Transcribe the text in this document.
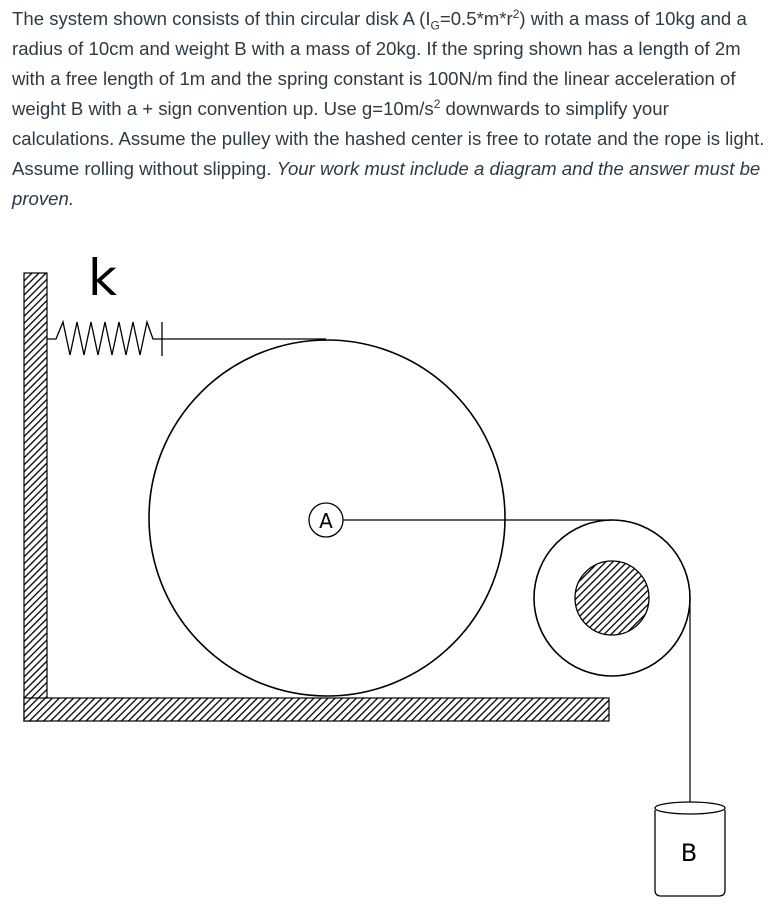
The system shown consists of thin circular disk A $(I_G=0.5*m*r^2)$ with a mass of 10kg and a radius of 10cm and weight B with a mass of 20kg. If the spring shown has a length of 2m with a free length of 1m and the spring constant is 100N/m find the linear acceleration of weight B with a + sign convention up. Use $g=10m/s^2$ downwards to simplify your calculations. Assume the pulley with the hashed center is free to rotate and the rope is light. Assume rolling without slipping. Your work must include a diagram and the answer must be proven.

k
A
B
